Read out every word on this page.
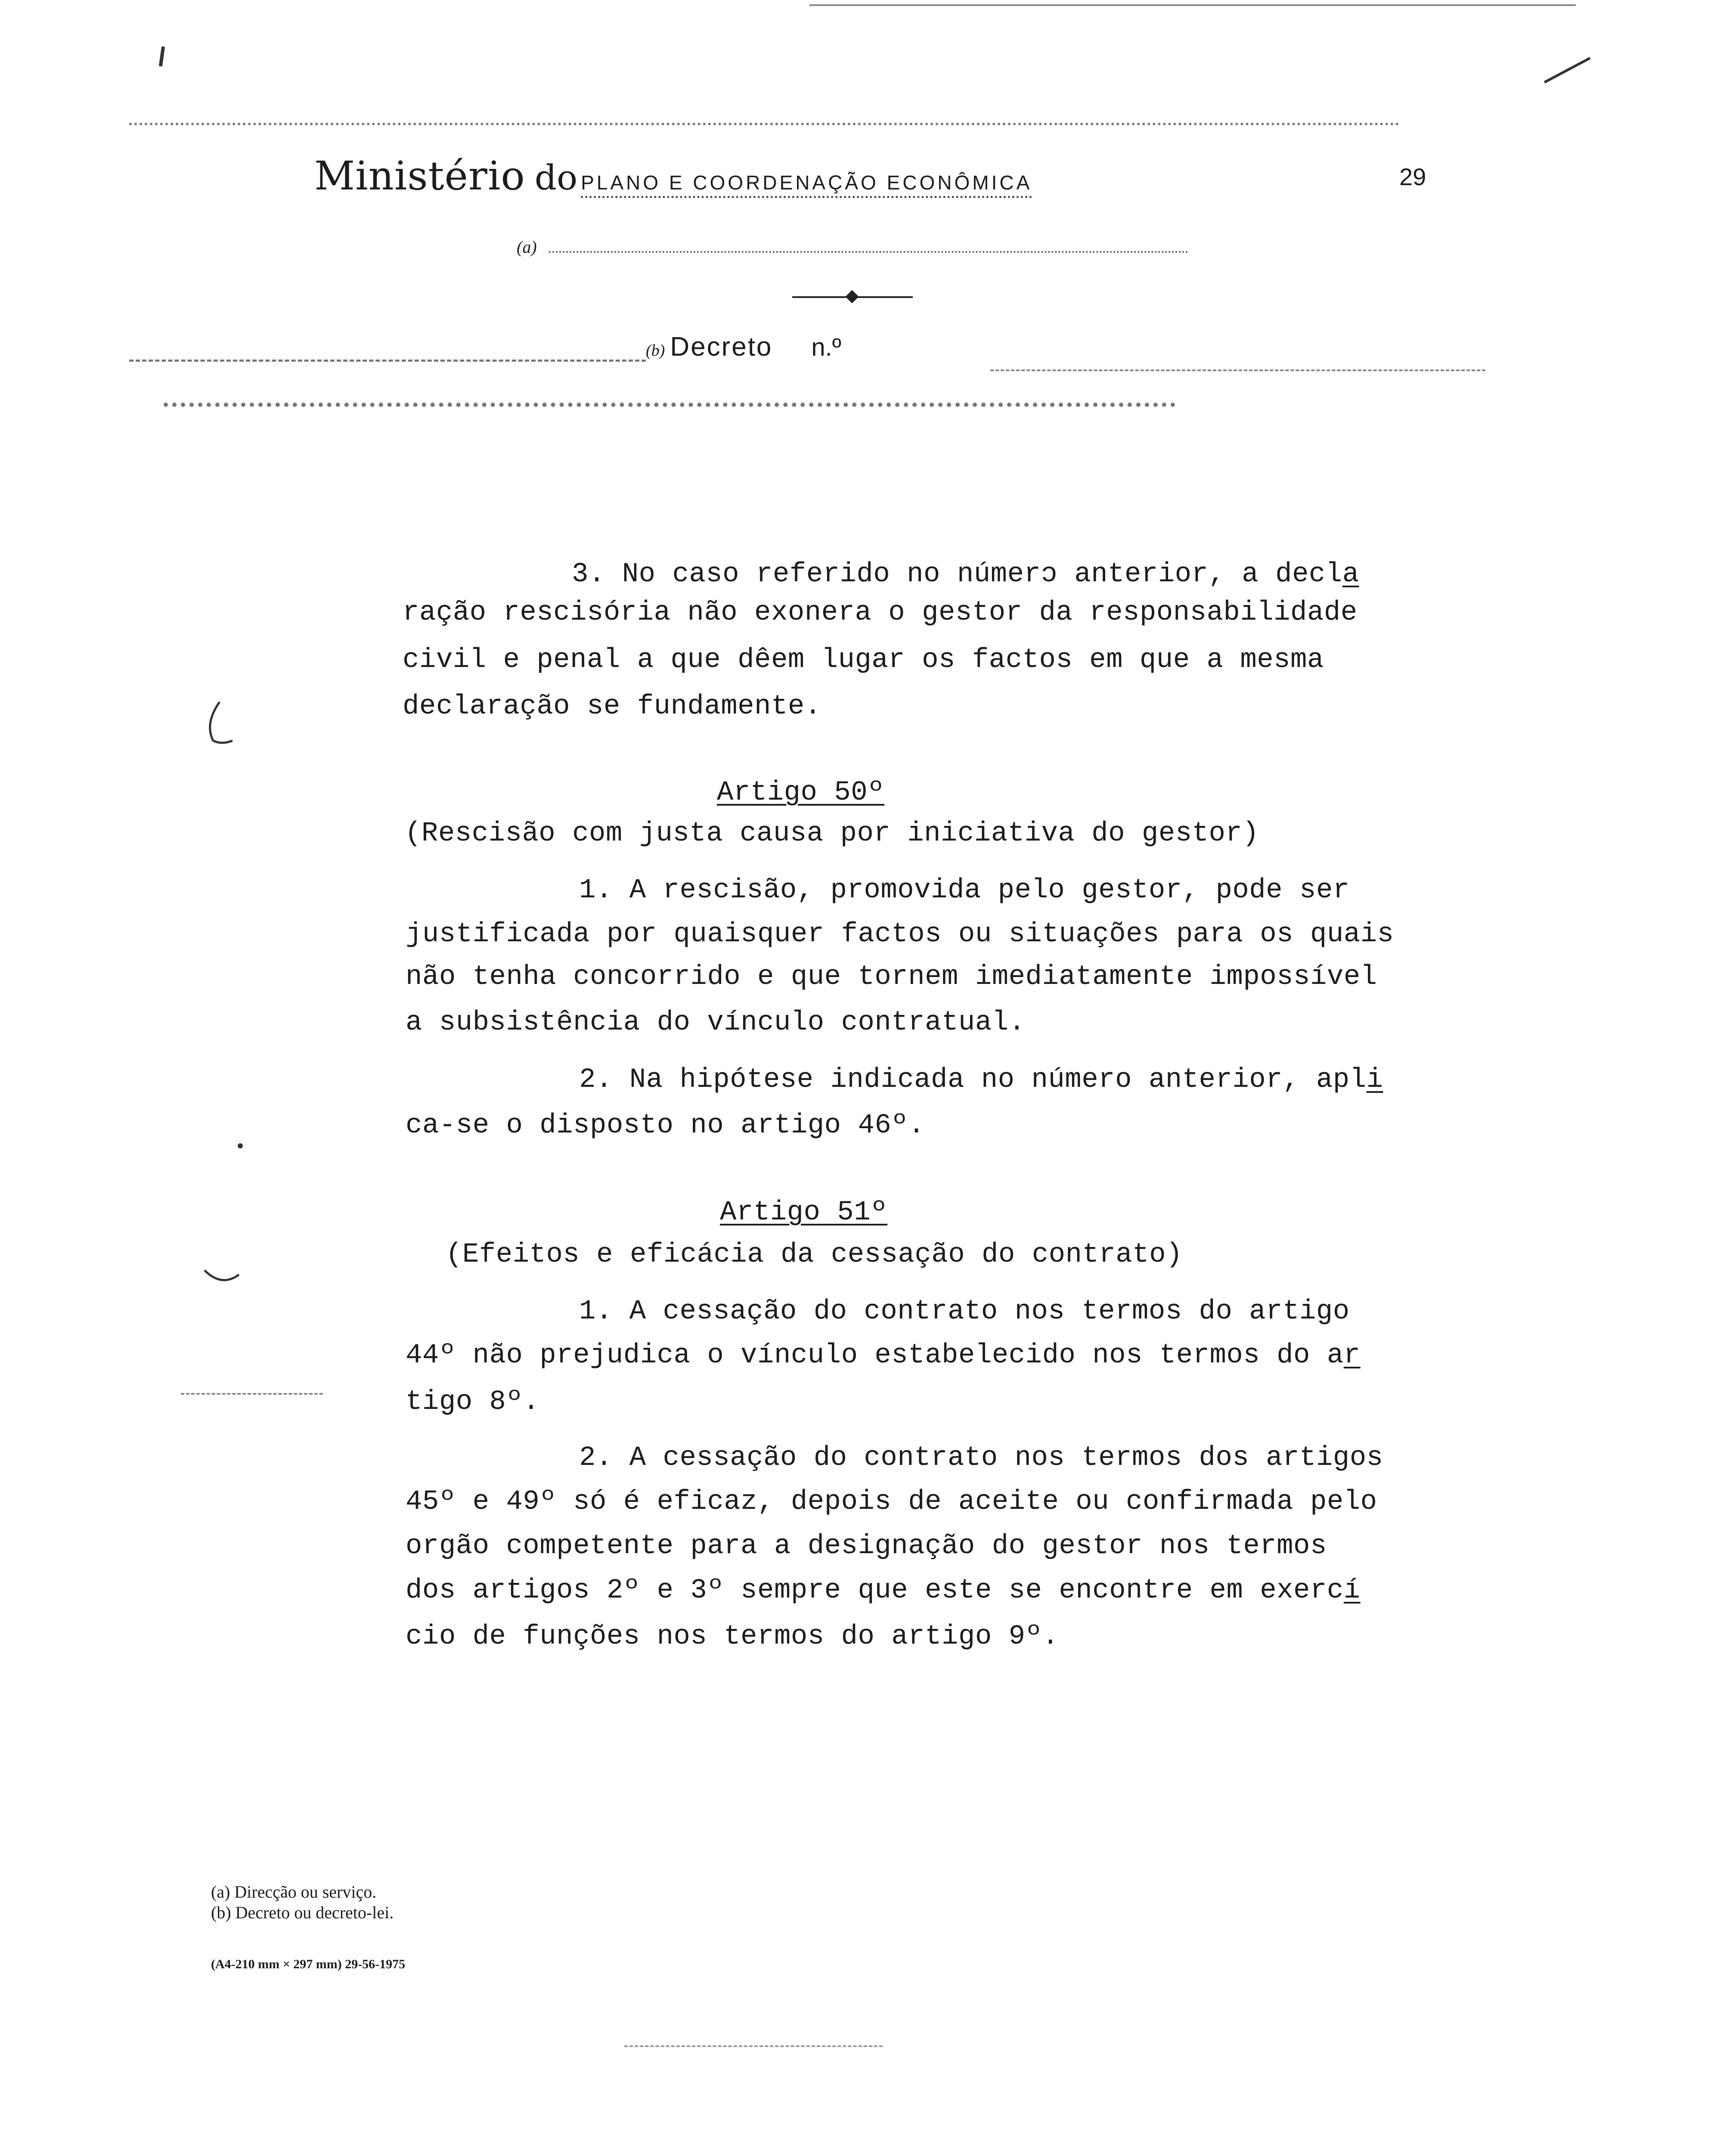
Ministério do PLANO E COORDENAÇÃO ECONÔMICA	29
(a)
(b) Decreto n.º
3. No caso referido no númerɔ anterior, a decla
ração rescisória não exonera o gestor da responsabilidade
civil e penal a que dêem lugar os factos em que a mesma
declaração se fundamente.
Artigo 50º
(Rescisão com justa causa por iniciativa do gestor)
1. A rescisão, promovida pelo gestor, pode ser
justificada por quaisquer factos ou situações para os quais
não tenha concorrido e que tornem imediatamente impossível
a subsistência do vínculo contratual.
2. Na hipótese indicada no número anterior, apli
ca-se o disposto no artigo 46º.
Artigo 51º
(Efeitos e eficácia da cessação do contrato)
1. A cessação do contrato nos termos do artigo
44º não prejudica o vínculo estabelecido nos termos do ar
tigo 8º.
2. A cessação do contrato nos termos dos artigos
45º e 49º só é eficaz, depois de aceite ou confirmada pelo
orgão competente para a designação do gestor nos termos
dos artigos 2º e 3º sempre que este se encontre em exercí
cio de funções nos termos do artigo 9º.
(a) Direcção ou serviço.
(b) Decreto ou decreto-lei.
(A4-210 mm × 297 mm) 29-56-1975
